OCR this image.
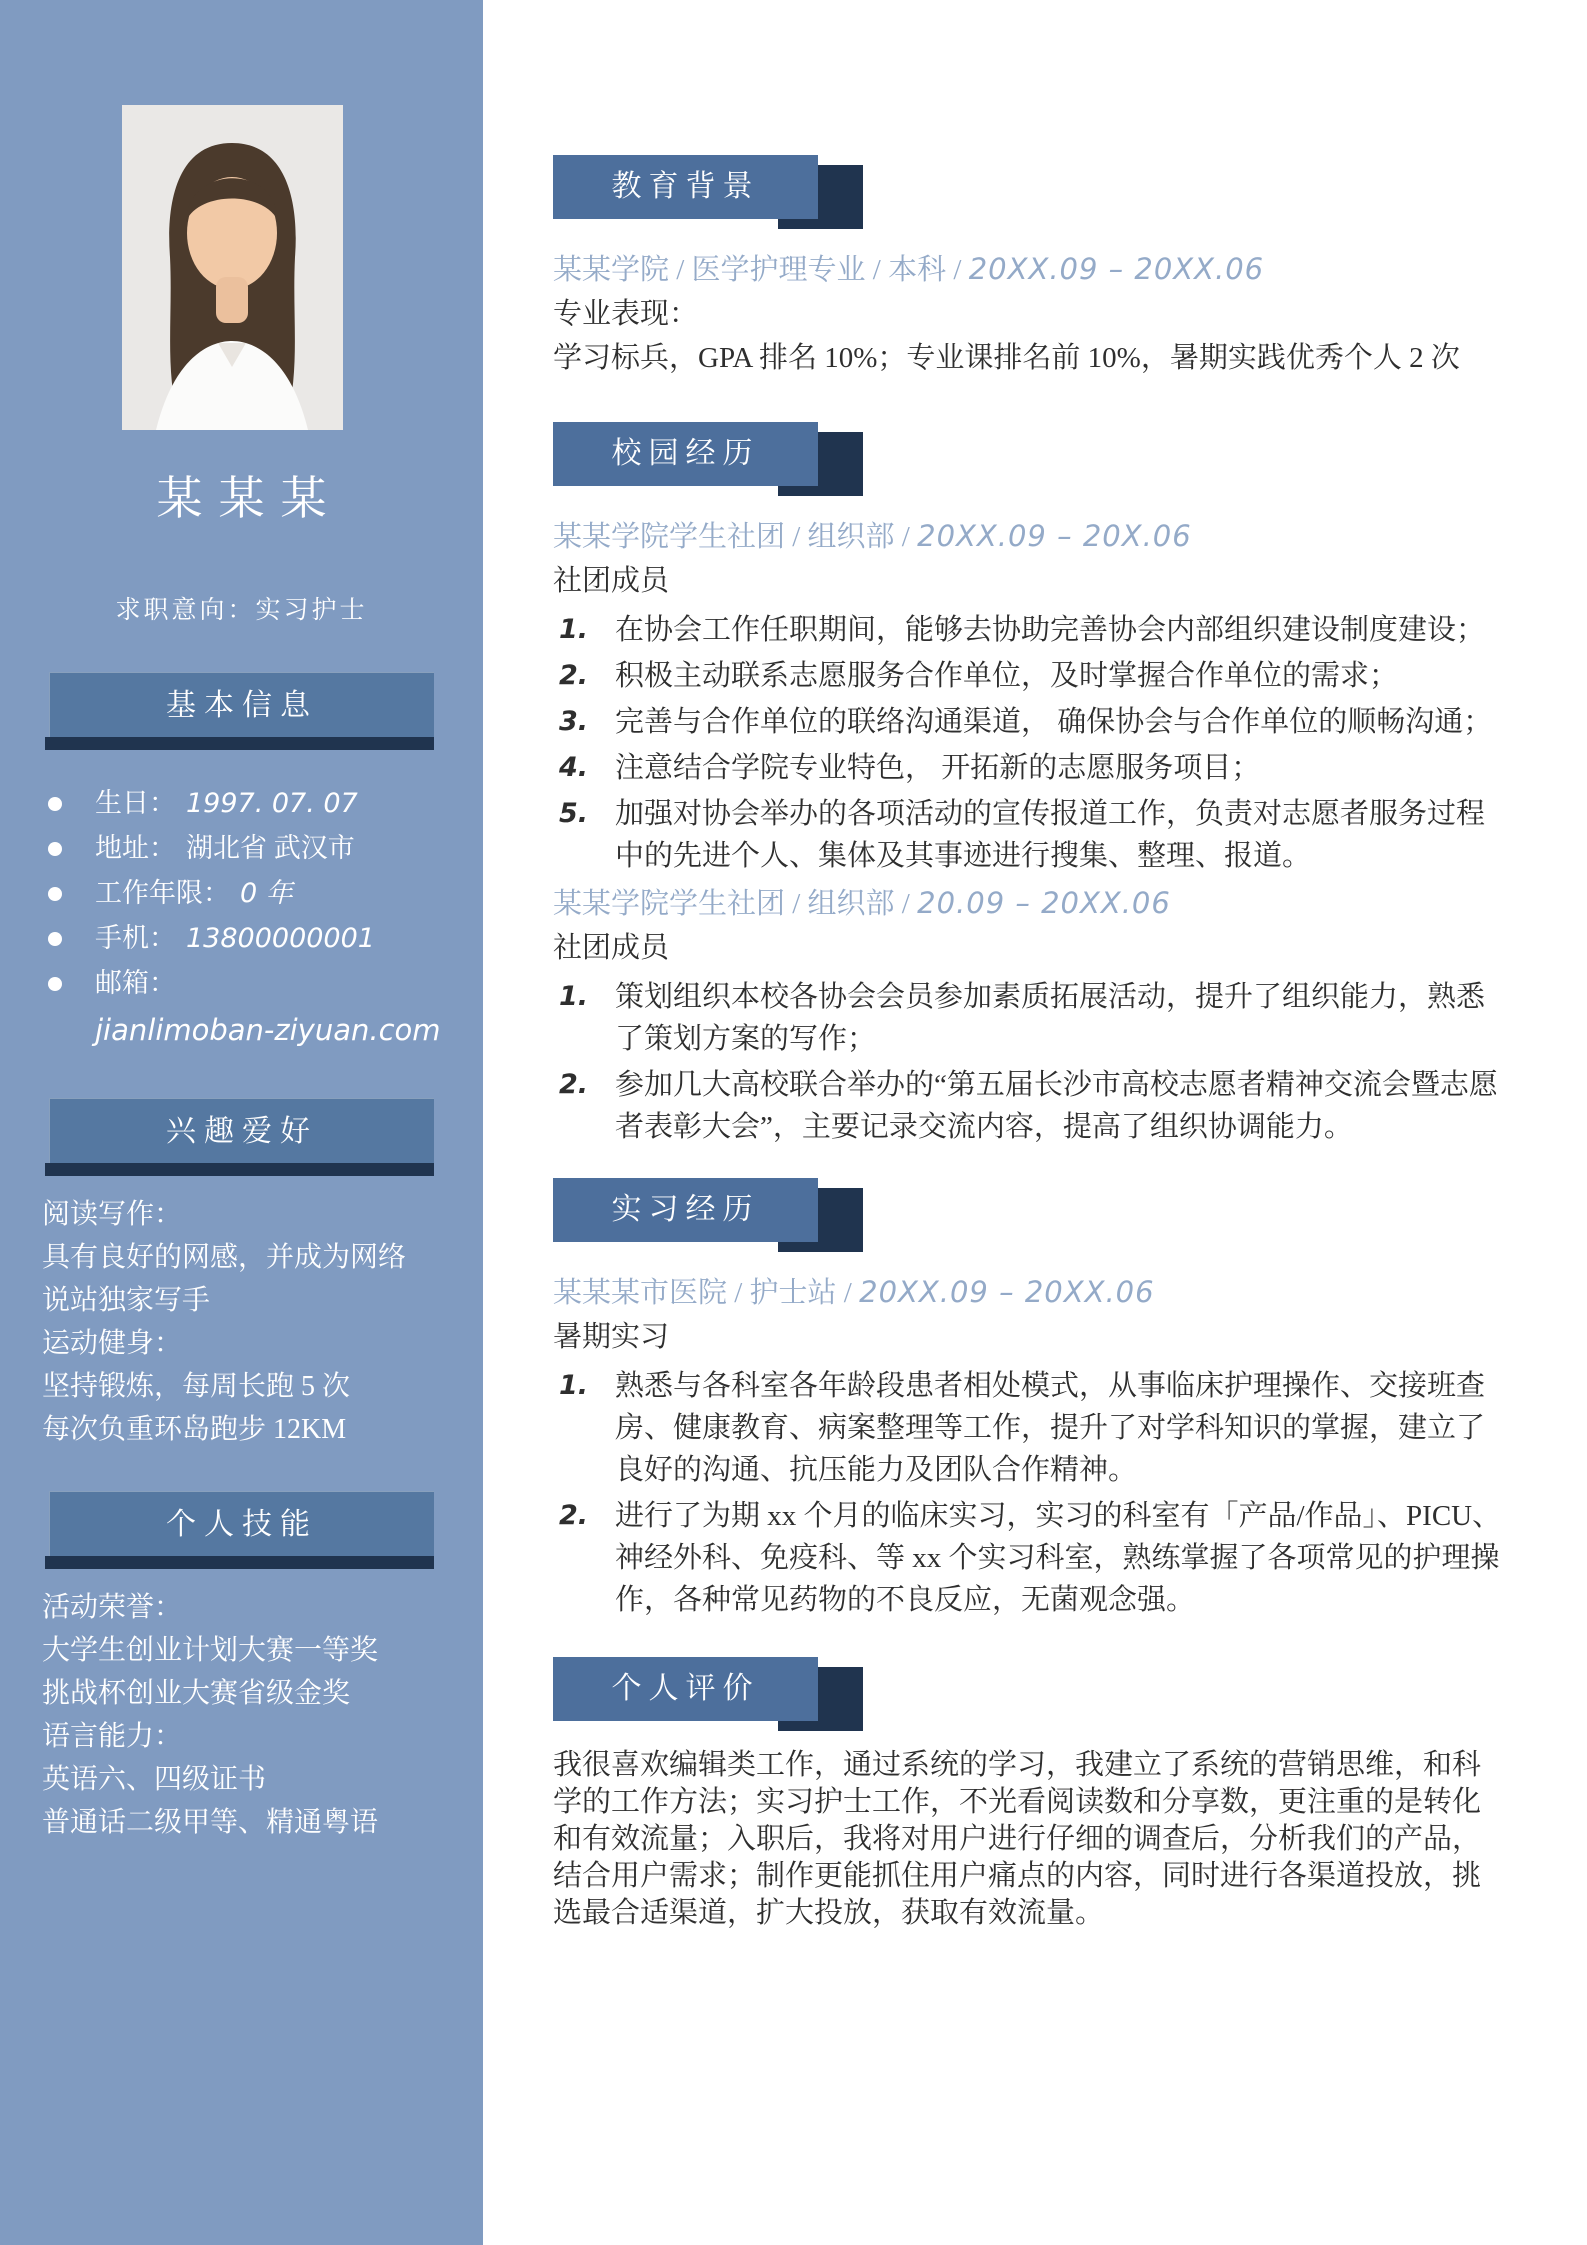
某某某
求职意向：实习护士
基本信息
生日： 1997. 07. 07
地址： 湖北省 武汉市
工作年限： 0 年
手机： 13800000001
邮箱：
jianlimoban-ziyuan.com
兴趣爱好
阅读写作：
具有良好的网感，并成为网络
说站独家写手
运动健身：
坚持锻炼，每周长跑 5 次
每次负重环岛跑步 12KM
个人技能
活动荣誉：
大学生创业计划大赛一等奖
挑战杯创业大赛省级金奖
语言能力：
英语六、四级证书
普通话二级甲等、精通粤语
教育背景
某某学院 / 医学护理专业 / 本科 / 20XX.09 – 20XX.06
专业表现：
学习标兵，GPA 排名 10%；专业课排名前 10%，暑期实践优秀个人 2 次
校园经历
某某学院学生社团 / 组织部 / 20XX.09 – 20X.06
社团成员
在协会工作任职期间，能够去协助完善协会内部组织建设制度建设；
积极主动联系志愿服务合作单位，及时掌握合作单位的需求；
完善与合作单位的联络沟通渠道， 确保协会与合作单位的顺畅沟通；
注意结合学院专业特色， 开拓新的志愿服务项目；
加强对协会举办的各项活动的宣传报道工作，负责对志愿者服务过程中的先进个人、集体及其事迹进行搜集、整理、报道。
某某学院学生社团 / 组织部 / 20.09 – 20XX.06
社团成员
策划组织本校各协会会员参加素质拓展活动，提升了组织能力，熟悉了策划方案的写作；
参加几大高校联合举办的“第五届长沙市高校志愿者精神交流会暨志愿者表彰大会”，主要记录交流内容，提高了组织协调能力。
实习经历
某某某市医院 / 护士站 / 20XX.09 – 20XX.06
暑期实习
熟悉与各科室各年龄段患者相处模式，从事临床护理操作、交接班查房、健康教育、病案整理等工作，提升了对学科知识的掌握，建立了良好的沟通、抗压能力及团队合作精神。
进行了为期 xx 个月的临床实习，实习的科室有「产品/作品」、PICU、神经外科、免疫科、等 xx 个实习科室，熟练掌握了各项常见的护理操作，各种常见药物的不良反应，无菌观念强。
个人评价

我很喜欢编辑类工作，通过系统的学习，我建立了系统的营销思维，和科学的工作方法；实习护士工作，不光看阅读数和分享数，更注重的是转化和有效流量；入职后，我将对用户进行仔细的调查后，分析我们的产品，结合用户需求；制作更能抓住用户痛点的内容，同时进行各渠道投放，挑选最合适渠道，扩大投放，获取有效流量。
